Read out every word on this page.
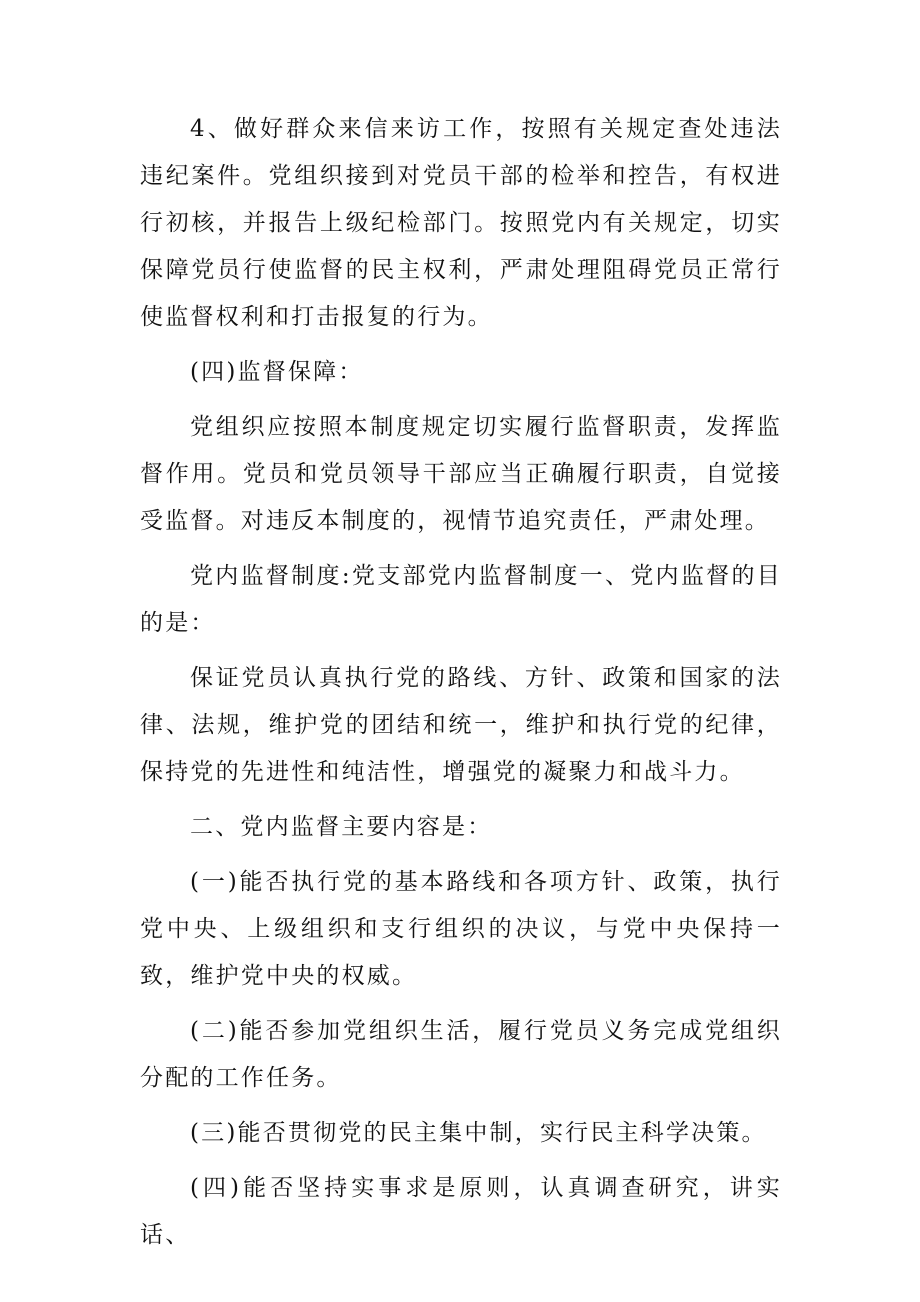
4、做好群众来信来访工作，按照有关规定查处违法违纪案件。党组织接到对党员干部的检举和控告，有权进行初核，并报告上级纪检部门。按照党内有关规定，切实保障党员行使监督的民主权利，严肃处理阻碍党员正常行使监督权利和打击报复的行为。

(四)监督保障：

党组织应按照本制度规定切实履行监督职责，发挥监督作用。党员和党员领导干部应当正确履行职责，自觉接受监督。对违反本制度的，视情节追究责任，严肃处理。

党内监督制度:党支部党内监督制度一、党内监督的目的是：

保证党员认真执行党的路线、方针、政策和国家的法律、法规，维护党的团结和统一，维护和执行党的纪律，保持党的先进性和纯洁性，增强党的凝聚力和战斗力。

二、党内监督主要内容是：

(一)能否执行党的基本路线和各项方针、政策，执行党中央、上级组织和支行组织的决议，与党中央保持一致，维护党中央的权威。

(二)能否参加党组织生活，履行党员义务完成党组织分配的工作任务。

(三)能否贯彻党的民主集中制，实行民主科学决策。

(四)能否坚持实事求是原则，认真调查研究，讲实话、
